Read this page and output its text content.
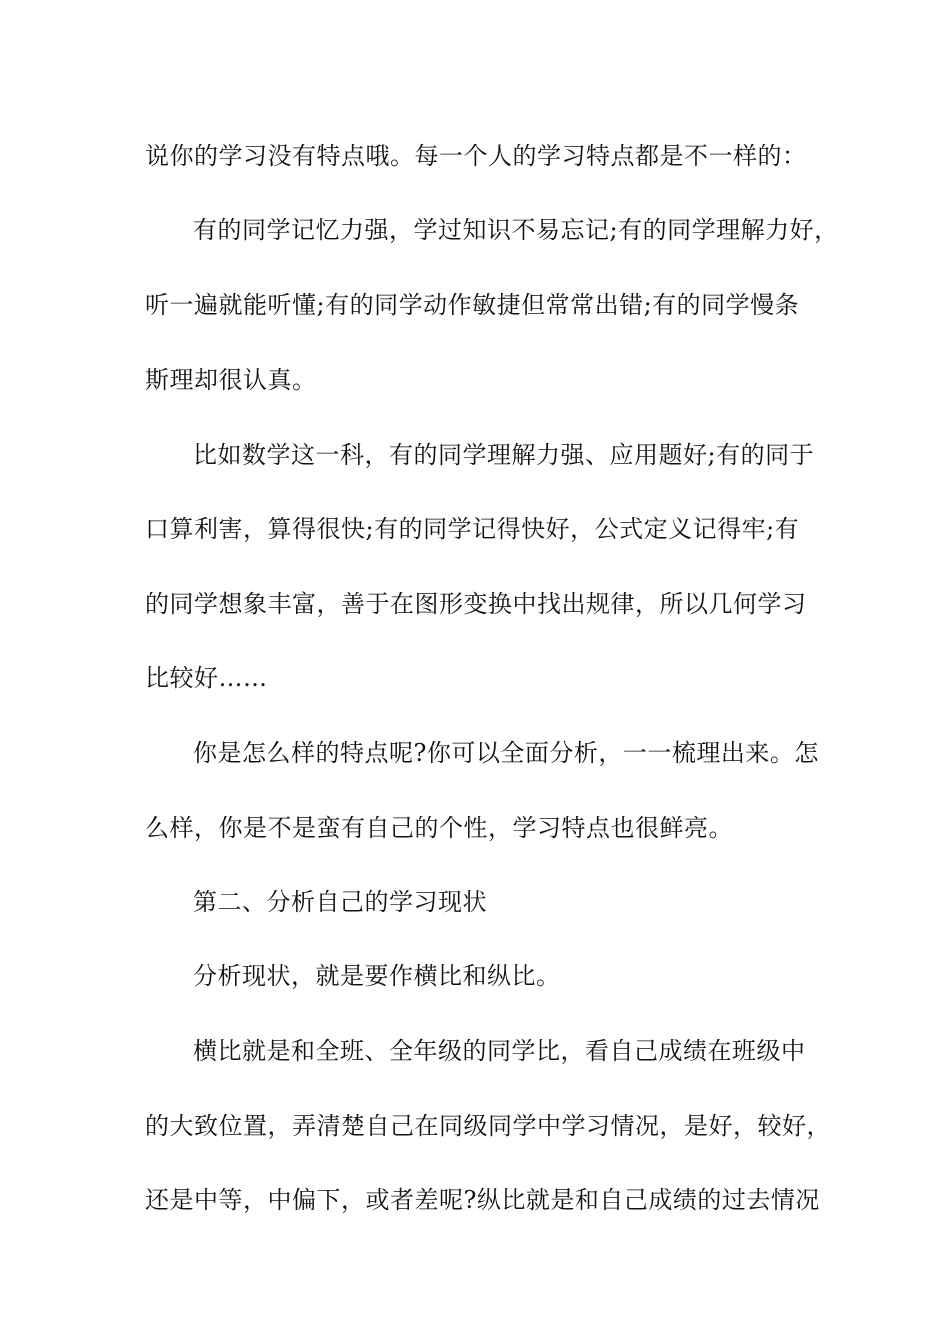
说你的学习没有特点哦。每一个人的学习特点都是不一样的：

有的同学记忆力强，学过知识不易忘记;有的同学理解力好，

听一遍就能听懂;有的同学动作敏捷但常常出错;有的同学慢条

斯理却很认真。

比如数学这一科，有的同学理解力强、应用题好;有的同于

口算利害，算得很快;有的同学记得快好，公式定义记得牢;有

的同学想象丰富，善于在图形变换中找出规律，所以几何学习

比较好……

你是怎么样的特点呢?你可以全面分析，一一梳理出来。怎

么样，你是不是蛮有自己的个性，学习特点也很鲜亮。

第二、分析自己的学习现状

分析现状，就是要作横比和纵比。

横比就是和全班、全年级的同学比，看自己成绩在班级中

的大致位置，弄清楚自己在同级同学中学习情况，是好，较好，

还是中等，中偏下，或者差呢?纵比就是和自己成绩的过去情况
